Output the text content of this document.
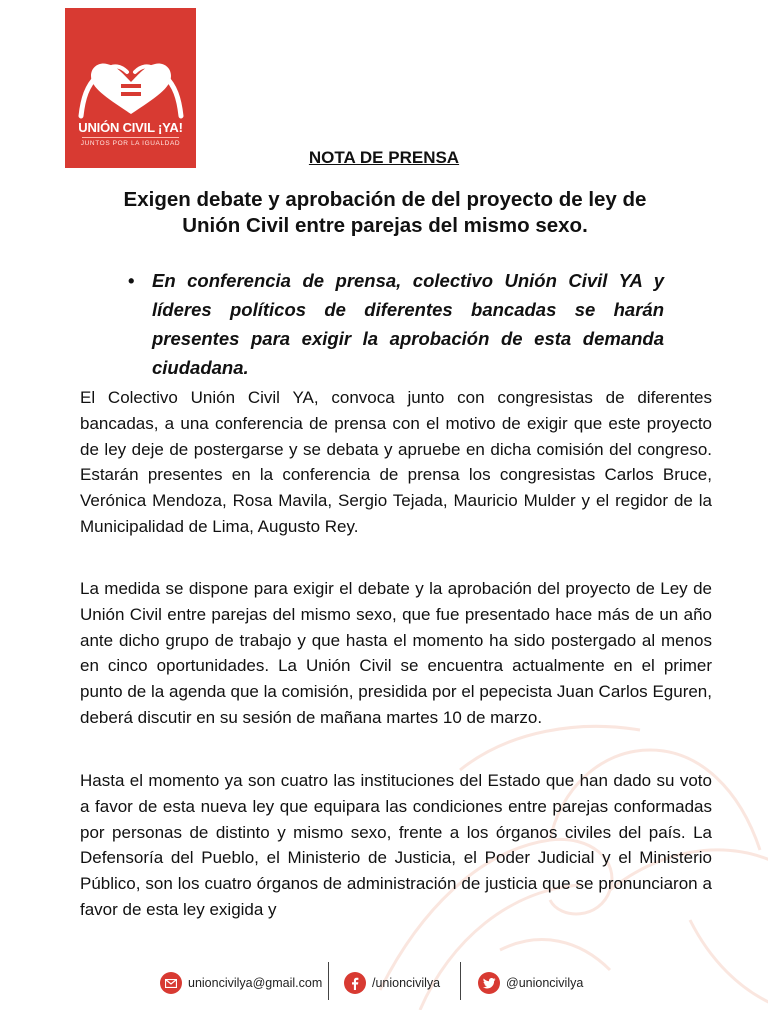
UNIÓN CIVIL ¡YA!
JUNTOS POR LA IGUALDAD
NOTA DE PRENSA
Exigen debate y aprobación de del proyecto de ley de Unión Civil entre parejas del mismo sexo.
• En conferencia de prensa, colectivo Unión Civil YA y líderes políticos de diferentes bancadas se harán presentes para exigir la aprobación de esta demanda ciudadana.
El Colectivo Unión Civil YA, convoca junto con congresistas de diferentes bancadas, a una conferencia de prensa con el motivo de exigir que este proyecto de ley deje de postergarse y se debata y apruebe en dicha comisión del congreso. Estarán presentes en la conferencia de prensa los congresistas Carlos Bruce, Verónica Mendoza, Rosa Mavila, Sergio Tejada, Mauricio Mulder y el regidor de la Municipalidad de Lima, Augusto Rey.
La medida se dispone para exigir el debate y la aprobación del proyecto de Ley de Unión Civil entre parejas del mismo sexo, que fue presentado hace más de un año ante dicho grupo de trabajo y que hasta el momento ha sido postergado al menos en cinco oportunidades. La Unión Civil se encuentra actualmente en el primer punto de la agenda que la comisión, presidida por el pepecista Juan Carlos Eguren, deberá discutir en su sesión de mañana martes 10 de marzo.
Hasta el momento ya son cuatro las instituciones del Estado que han dado su voto a favor de esta nueva ley que equipara las condiciones entre parejas conformadas por personas de distinto y mismo sexo, frente a los órganos civiles del país. La Defensoría del Pueblo, el Ministerio de Justicia, el Poder Judicial y el Ministerio Público, son los cuatro órganos de administración de justicia que se pronunciaron a favor de esta ley exigida y
unioncivilya@gmail.com	/unioncivilya	@unioncivilya
